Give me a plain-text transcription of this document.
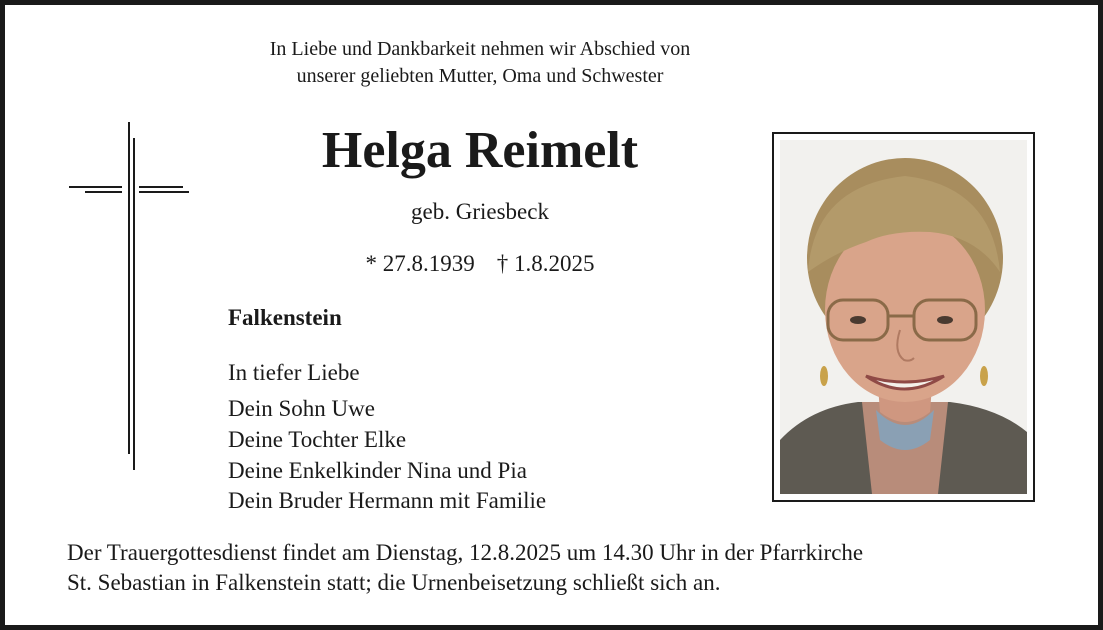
In Liebe und Dankbarkeit nehmen wir Abschied von
unserer geliebten Mutter, Oma und Schwester
Helga Reimelt
geb. Griesbeck
* 27.8.1939 † 1.8.2025
Falkenstein
In tiefer Liebe
Dein Sohn Uwe
Deine Tochter Elke
Deine Enkelkinder Nina und Pia
Dein Bruder Hermann mit Familie
Der Trauergottesdienst findet am Dienstag, 12.8.2025 um 14.30 Uhr in der Pfarrkirche
St. Sebastian in Falkenstein statt; die Urnenbeisetzung schließt sich an.
